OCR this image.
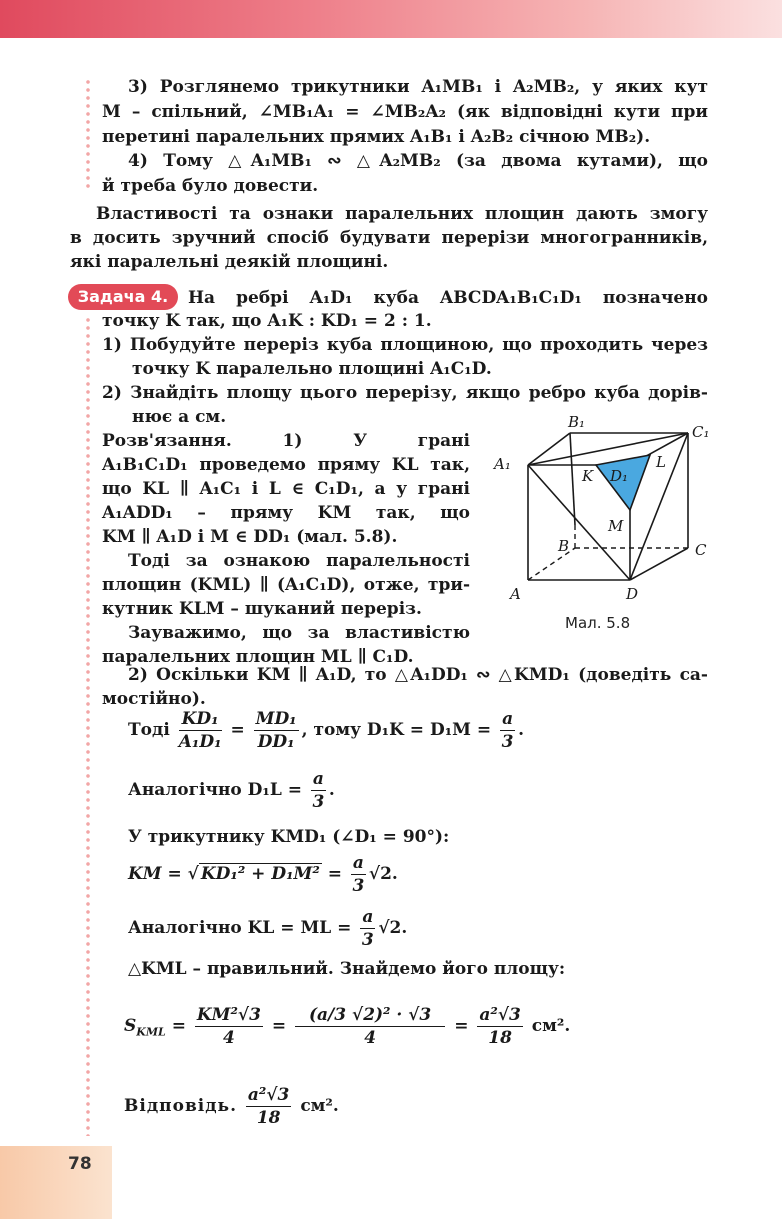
3) Розглянемо трикутники A₁MB₁ і A₂MB₂, у яких кут
M – спільний, ∠MB₁A₁ = ∠MB₂A₂ (як відповідні кути при
перетині паралельних прямих A₁B₁ і A₂B₂ січною MB₂).
4) Тому △A₁MB₁ ∾ △A₂MB₂ (за двома кутами), що
й треба було довести.
Властивості та ознаки паралельних площин дають змогу
в досить зручний спосіб будувати перерізи многогранників,
які паралельні деякій площині.
Задача 4.	На ребрі A₁D₁ куба ABCDA₁B₁C₁D₁ позначено
точку K так, що A₁K : KD₁ = 2 : 1.
1) Побудуйте переріз куба площиною, що проходить через
точку K паралельно площині A₁C₁D.
2) Знайдіть площу цього перерізу, якщо ребро куба дорів-
нює a см.
Розв'язання. 1) У грані
A₁B₁C₁D₁ проведемо пряму KL так,
що KL ∥ A₁C₁ і L ∈ C₁D₁, а у грані
A₁ADD₁ – пряму KM так, що
KM ∥ A₁D і M ∈ DD₁ (мал. 5.8).
Тоді за ознакою паралельності
площин (KML) ∥ (A₁C₁D), отже, три-
кутник KLM – шуканий переріз.
Зауважимо, що за властивістю
паралельних площин ML ∥ C₁D.
B₁
C₁
A₁
K D₁
L
M
B	C
A	D
Мал. 5.8
2) Оскільки KM ∥ A₁D, то △A₁DD₁ ∾ △KMD₁ (доведіть са-
мостійно).
Тоді $\frac{\text{KD₁}}{\text{A₁D₁}} = \frac{\text{MD₁}}{\text{DD₁}}$ , тому $D_1K = D_1M = \frac{a}{3}$ .
Аналогічно $D_1L = \frac{a}{3}$ .
У трикутнику KMD₁ (∠D₁ = 90°):
KM = √ $KD_1^2 + D_1M^2 = \frac{a}{3} √2$.
Аналогічно KL = ML = $\frac{a}{3} √2$.
△KML – правильний. Знайдемо його площу:
$S_{KML} = \frac{\text{KM²√3}}{4} = \frac{\text{(a/3 √2)² · √3}}{4} = \frac{\text{a²√3}}{18} см^2$.
Відповідь. $\frac{\text{a²√3}}{18} см^2$.
78
